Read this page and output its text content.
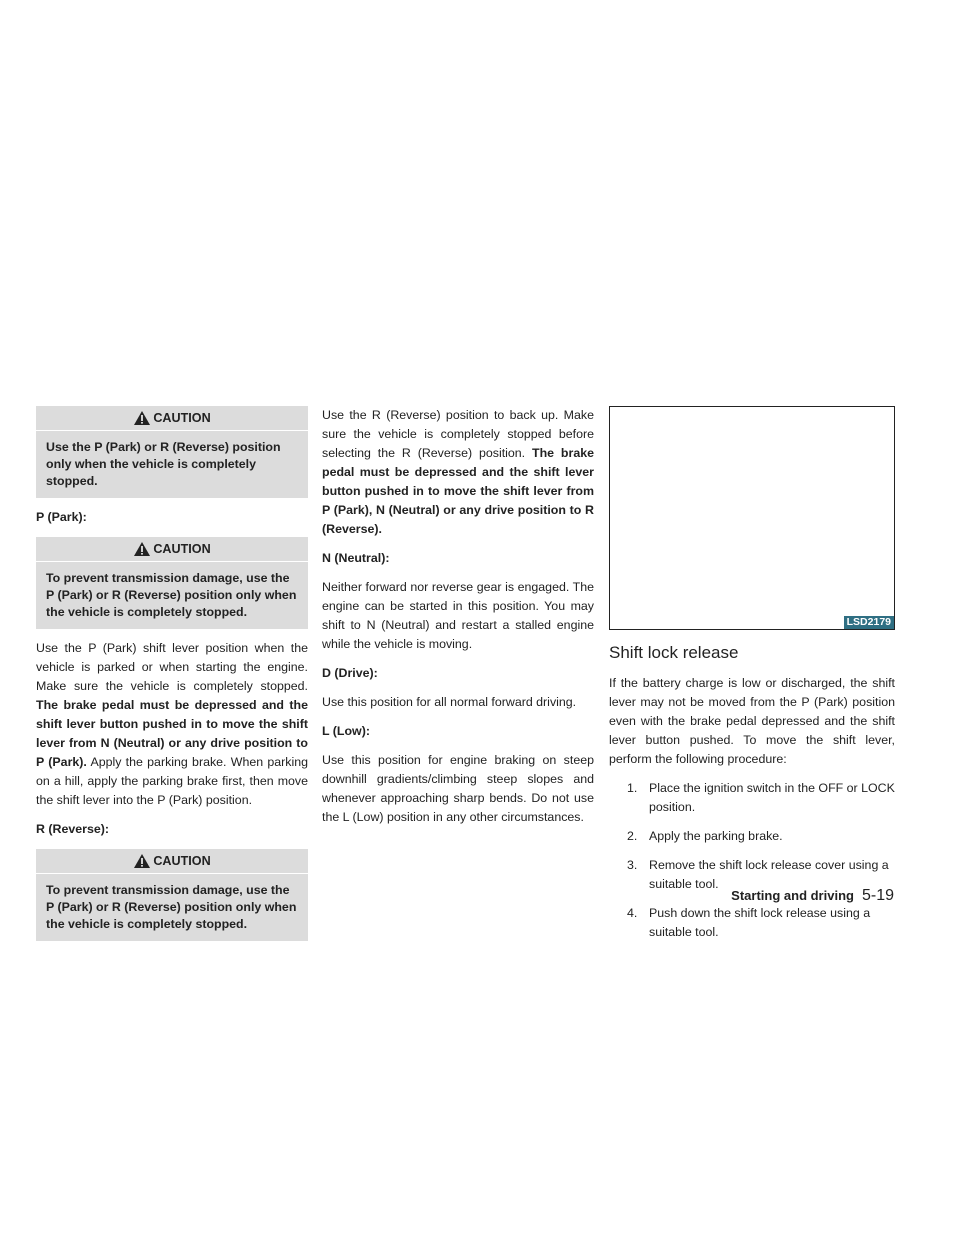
CAUTION
Use the P (Park) or R (Reverse) position only when the vehicle is completely stopped.
P (Park):
CAUTION
To prevent transmission damage, use the P (Park) or R (Reverse) position only when the vehicle is completely stopped.

Use the P (Park) shift lever position when the vehicle is parked or when starting the engine. Make sure the vehicle is completely stopped. The brake pedal must be depressed and the shift lever button pushed in to move the shift lever from N (Neutral) or any drive position to P (Park). Apply the parking brake. When parking on a hill, apply the parking brake first, then move the shift lever into the P (Park) position.

R (Reverse):
CAUTION
To prevent transmission damage, use the P (Park) or R (Reverse) position only when the vehicle is completely stopped.

Use the R (Reverse) position to back up. Make sure the vehicle is completely stopped before selecting the R (Reverse) position. The brake pedal must be depressed and the shift lever button pushed in to move the shift lever from P (Park), N (Neutral) or any drive position to R (Reverse).

N (Neutral):

Neither forward nor reverse gear is engaged. The engine can be started in this position. You may shift to N (Neutral) and restart a stalled engine while the vehicle is moving.

D (Drive):

Use this position for all normal forward driving.

L (Low):

Use this position for engine braking on steep downhill gradients/climbing steep slopes and whenever approaching sharp bends. Do not use the L (Low) position in any other circumstances.

LSD2179
Shift lock release

If the battery charge is low or discharged, the shift lever may not be moved from the P (Park) position even with the brake pedal depressed and the shift lever button pushed. To move the shift lever, perform the following procedure:

1. Place the ignition switch in the OFF or LOCK position.
2. Apply the parking brake.
3. Remove the shift lock release cover using a suitable tool.
4. Push down the shift lock release using a suitable tool.
Starting and driving 5-19
